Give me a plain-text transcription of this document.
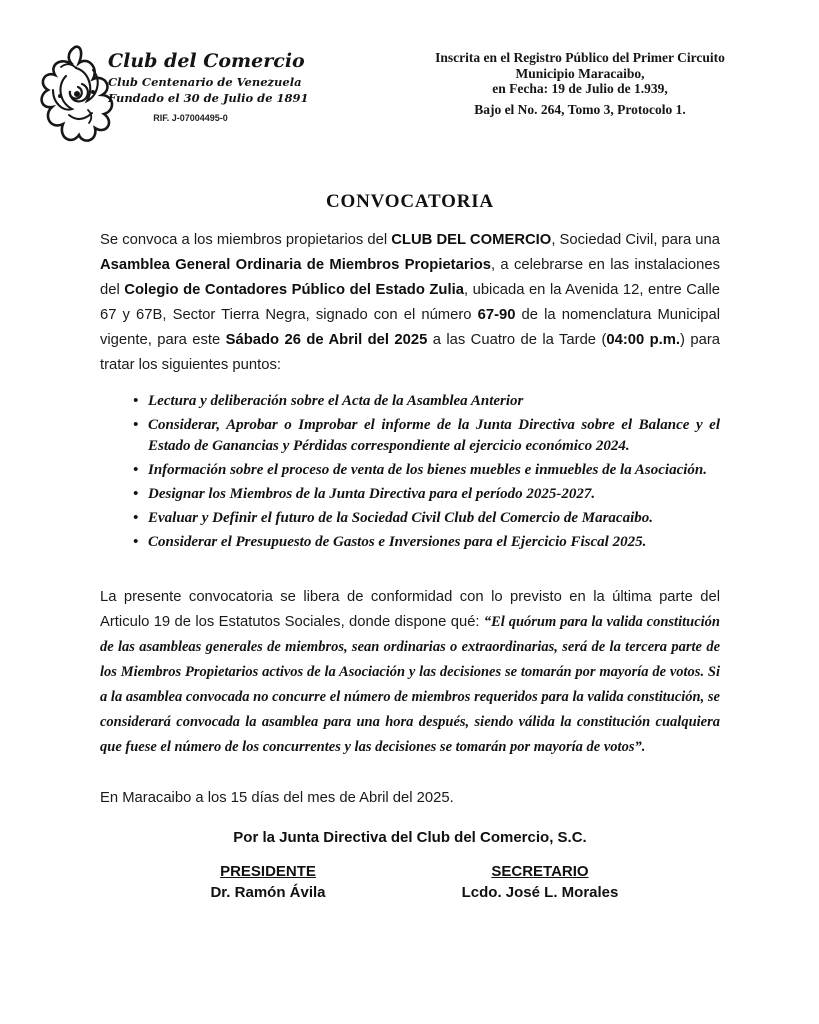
Club del Comercio
Club Centenario de Venezuela
Fundado el 30 de Julio de 1891
RIF. J-07004495-0
Inscrita en el Registro Público del Primer Circuito
Municipio Maracaibo,
en Fecha: 19 de Julio de 1.939,
Bajo el No. 264, Tomo 3, Protocolo 1.
CONVOCATORIA

Se convoca a los miembros propietarios del CLUB DEL COMERCIO, Sociedad Civil, para una Asamblea General Ordinaria de Miembros Propietarios, a celebrarse en las instalaciones del Colegio de Contadores Público del Estado Zulia, ubicada en la Avenida 12, entre Calle 67 y 67B, Sector Tierra Negra, signado con el número 67-90 de la nomenclatura Municipal vigente, para este Sábado 26 de Abril del 2025 a las Cuatro de la Tarde (04:00 p.m.) para tratar los siguientes puntos:

• Lectura y deliberación sobre el Acta de la Asamblea Anterior
• Considerar, Aprobar o Improbar el informe de la Junta Directiva sobre el Balance y el Estado de Ganancias y Pérdidas correspondiente al ejercicio económico 2024.
• Información sobre el proceso de venta de los bienes muebles e inmuebles de la Asociación.
• Designar los Miembros de la Junta Directiva para el período 2025-2027.
• Evaluar y Definir el futuro de la Sociedad Civil Club del Comercio de Maracaibo.
• Considerar el Presupuesto de Gastos e Inversiones para el Ejercicio Fiscal 2025.

La presente convocatoria se libera de conformidad con lo previsto en la última parte del Articulo 19 de los Estatutos Sociales, donde dispone qué: “El quórum para la valida constitución de las asambleas generales de miembros, sean ordinarias o extraordinarias, será de la tercera parte de los Miembros Propietarios activos de la Asociación y las decisiones se tomarán por mayoría de votos. Si a la asamblea convocada no concurre el número de miembros requeridos para la valida constitución, se considerará convocada la asamblea para una hora después, siendo válida la constitución cualquiera que fuese el número de los concurrentes y las decisiones se tomarán por mayoría de votos”.

En Maracaibo a los 15 días del mes de Abril del 2025.

Por la Junta Directiva del Club del Comercio, S.C.

PRESIDENTE
Dr. Ramón Ávila
SECRETARIO
Lcdo. José L. Morales
